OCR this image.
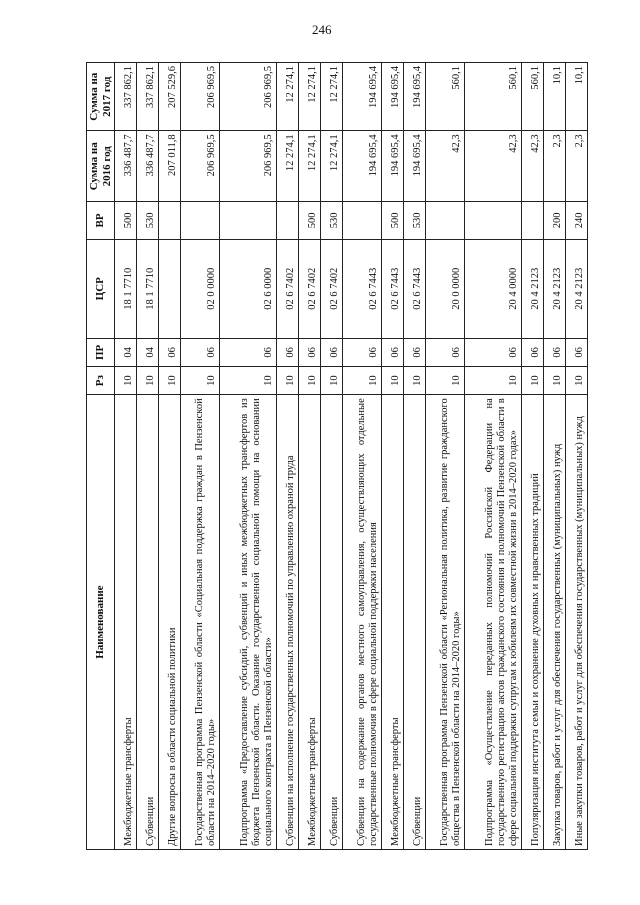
246
Наименование	Рз	ПР	ЦСР	ВР	Сумма на 2016 год	Сумма на 2017 год
Межбюджетные трансферты	10	04	18 1 7710	500	336 487,7	337 862,1
Субвенции	10	04	18 1 7710	530	336 487,7	337 862,1
Другие вопросы в области социальной политики	10	06			207 011,8	207 529,6
Государственная программа Пензенской области «Социальная поддержка граждан в Пензенской области на 2014–2020 годы»	10	06	02 0 0000		206 969,5	206 969,5
Подпрограмма «Предоставление субсидий, субвенций и иных межбюджетных трансфертов из бюджета Пензенской области. Оказание государственной социальной помощи на основании социального контракта в Пензенской области»	10	06	02 6 0000		206 969,5	206 969,5
Субвенции на исполнение государственных полномочий по управлению охраной труда	10	06	02 6 7402		12 274,1	12 274,1
Межбюджетные трансферты	10	06	02 6 7402	500	12 274,1	12 274,1
Субвенции	10	06	02 6 7402	530	12 274,1	12 274,1
Субвенции на содержание органов местного самоуправления, осуществляющих отдельные государственные полномочия в сфере социальной поддержки населения	10	06	02 6 7443		194 695,4	194 695,4
Межбюджетные трансферты	10	06	02 6 7443	500	194 695,4	194 695,4
Субвенции	10	06	02 6 7443	530	194 695,4	194 695,4
Государственная программа Пензенской области «Региональная политика, развитие гражданского общества в Пензенской области на 2014–2020 годы»	10	06	20 0 0000		42,3	560,1
Подпрограмма «Осуществление переданных полномочий Российской Федерации на государственную регистрацию актов гражданского состояния и полномочий Пензенской области в сфере социальной поддержки супругам к юбилеям их совместной жизни в 2014–2020 годах»	10	06	20 4 0000		42,3	560,1
Популяризация института семьи и сохранение духовных и нравственных традиций	10	06	20 4 2123		42,3	560,1
Закупка товаров, работ и услуг для обеспечения государственных (муниципальных) нужд	10	06	20 4 2123	200	2,3	10,1
Иные закупки товаров, работ и услуг для обеспечения государственных (муниципальных) нужд	10	06	20 4 2123	240	2,3	10,1
